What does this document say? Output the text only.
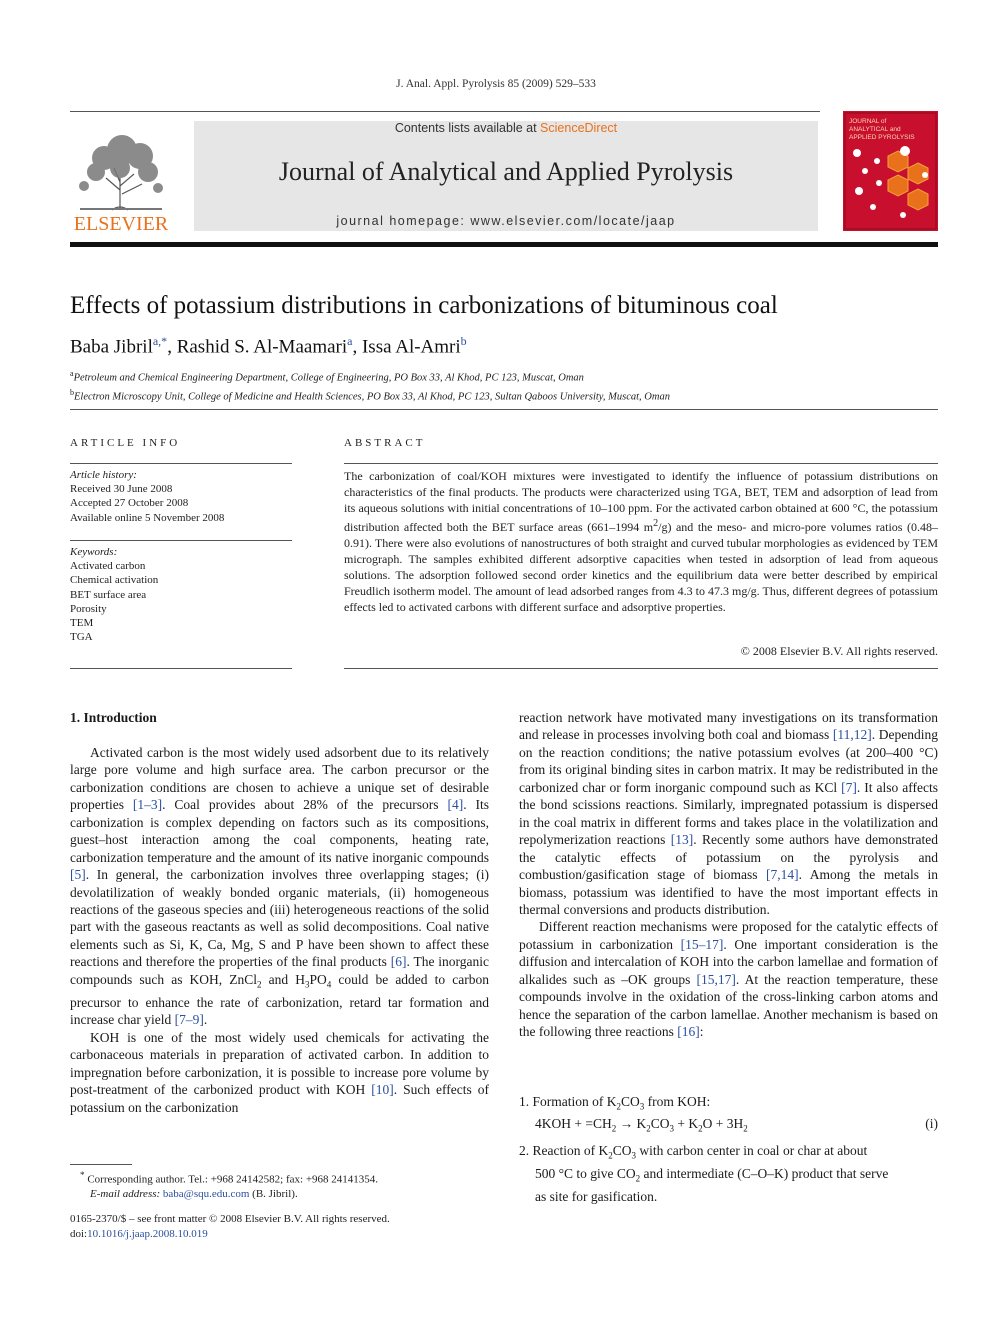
J. Anal. Appl. Pyrolysis 85 (2009) 529–533
ELSEVIER
Contents lists available at ScienceDirect
Journal of Analytical and Applied Pyrolysis
journal homepage: www.elsevier.com/locate/jaap
JOURNAL of
ANALYTICAL and
APPLIED PYROLYSIS
Effects of potassium distributions in carbonizations of bituminous coal
Baba Jibril$^{a,*}$, Rashid S. Al-Maamari$^a$, Issa Al-Amri$^b$
$^a$Petroleum and Chemical Engineering Department, College of Engineering, PO Box 33, Al Khod, PC 123, Muscat, Oman
$^b$Electron Microscopy Unit, College of Medicine and Health Sciences, PO Box 33, Al Khod, PC 123, Sultan Qaboos University, Muscat, Oman
ARTICLE INFO
Article history:
Received 30 June 2008
Accepted 27 October 2008
Available online 5 November 2008
Keywords:
Activated carbon
Chemical activation
BET surface area
Porosity
TEM
TGA
ABSTRACT
The carbonization of coal/KOH mixtures were investigated to identify the influence of potassium distributions on characteristics of the final products. The products were characterized using TGA, BET, TEM and adsorption of lead from its aqueous solutions with initial concentrations of 10–100 ppm. For the activated carbon obtained at 600 °C, the potassium distribution affected both the BET surface areas (661–1994 $m^2/g$) and the meso- and micro-pore volumes ratios (0.48–0.91). There were also evolutions of nanostructures of both straight and curved tubular morphologies as evidenced by TEM micrograph. The samples exhibited different adsorptive capacities when tested in adsorption of lead from aqueous solutions. The adsorption followed second order kinetics and the equilibrium data were better described by empirical Freudlich isotherm model. The amount of lead adsorbed ranges from 4.3 to 47.3 mg/g. Thus, different degrees of potassium effects led to activated carbons with different surface and adsorptive properties.
© 2008 Elsevier B.V. All rights reserved.
1. Introduction

Activated carbon is the most widely used adsorbent due to its relatively large pore volume and high surface area. The carbon precursor or the carbonization conditions are chosen to achieve a unique set of desirable properties [1–3]. Coal provides about 28% of the precursors [4]. Its carbonization is complex depending on factors such as its compositions, guest–host interaction among the coal components, heating rate, carbonization temperature and the amount of its native inorganic compounds [5]. In general, the carbonization involves three overlapping stages; (i) devolatilization of weakly bonded organic materials, (ii) homogeneous reactions of the gaseous species and (iii) heterogeneous reactions of the solid part with the gaseous reactants as well as solid decompositions. Coal native elements such as Si, K, Ca, Mg, S and P have been shown to affect these reactions and therefore the properties of the final products [6]. The inorganic compounds such as KOH, ZnCl$_2$ and $H_3PO_4$ could be added to carbon precursor to enhance the rate of carbonization, retard tar formation and increase char yield [7–9].

KOH is one of the most widely used chemicals for activating the carbonaceous materials in preparation of activated carbon. In addition to impregnation before carbonization, it is possible to increase pore volume by post-treatment of the carbonized product with KOH [10]. Such effects of potassium on the carbonization

reaction network have motivated many investigations on its transformation and release in processes involving both coal and biomass [11,12]. Depending on the reaction conditions; the native potassium evolves (at 200–400 °C) from its original binding sites in carbon matrix. It may be redistributed in the carbonized char or form inorganic compound such as KCl [7]. It also affects the bond scissions reactions. Similarly, impregnated potassium is dispersed in the coal matrix in different forms and takes place in the volatilization and repolymerization reactions [13]. Recently some authors have demonstrated the catalytic effects of potassium on the pyrolysis and combustion/gasification stage of biomass [7,14]. Among the metals in biomass, potassium was identified to have the most important effects in thermal conversions and products distribution.

Different reaction mechanisms were proposed for the catalytic effects of potassium in carbonization [15–17]. One important consideration is the diffusion and intercalation of KOH into the carbon lamellae and formation of alkalides such as –OK groups [15,17]. At the reaction temperature, these compounds involve in the oxidation of the cross-linking carbon atoms and hence the separation of the carbon lamellae. Another mechanism is based on the following three reactions [16]:

1. Formation of $K_2CO_3$ from KOH:
$4KOH + =CH_2 \to K_2CO_3 + K_2O + 3H_2$	(i)
2. Reaction of $K_2CO_3$ with carbon center in coal or char at about
500 °C to give $CO_2$ and intermediate (C–O–K) product that serve
as site for gasification.
* Corresponding author. Tel.: +968 24142582; fax: +968 24141354.
E-mail address: baba@squ.edu.com (B. Jibril).
0165-2370/$ – see front matter © 2008 Elsevier B.V. All rights reserved.
doi:10.1016/j.jaap.2008.10.019
